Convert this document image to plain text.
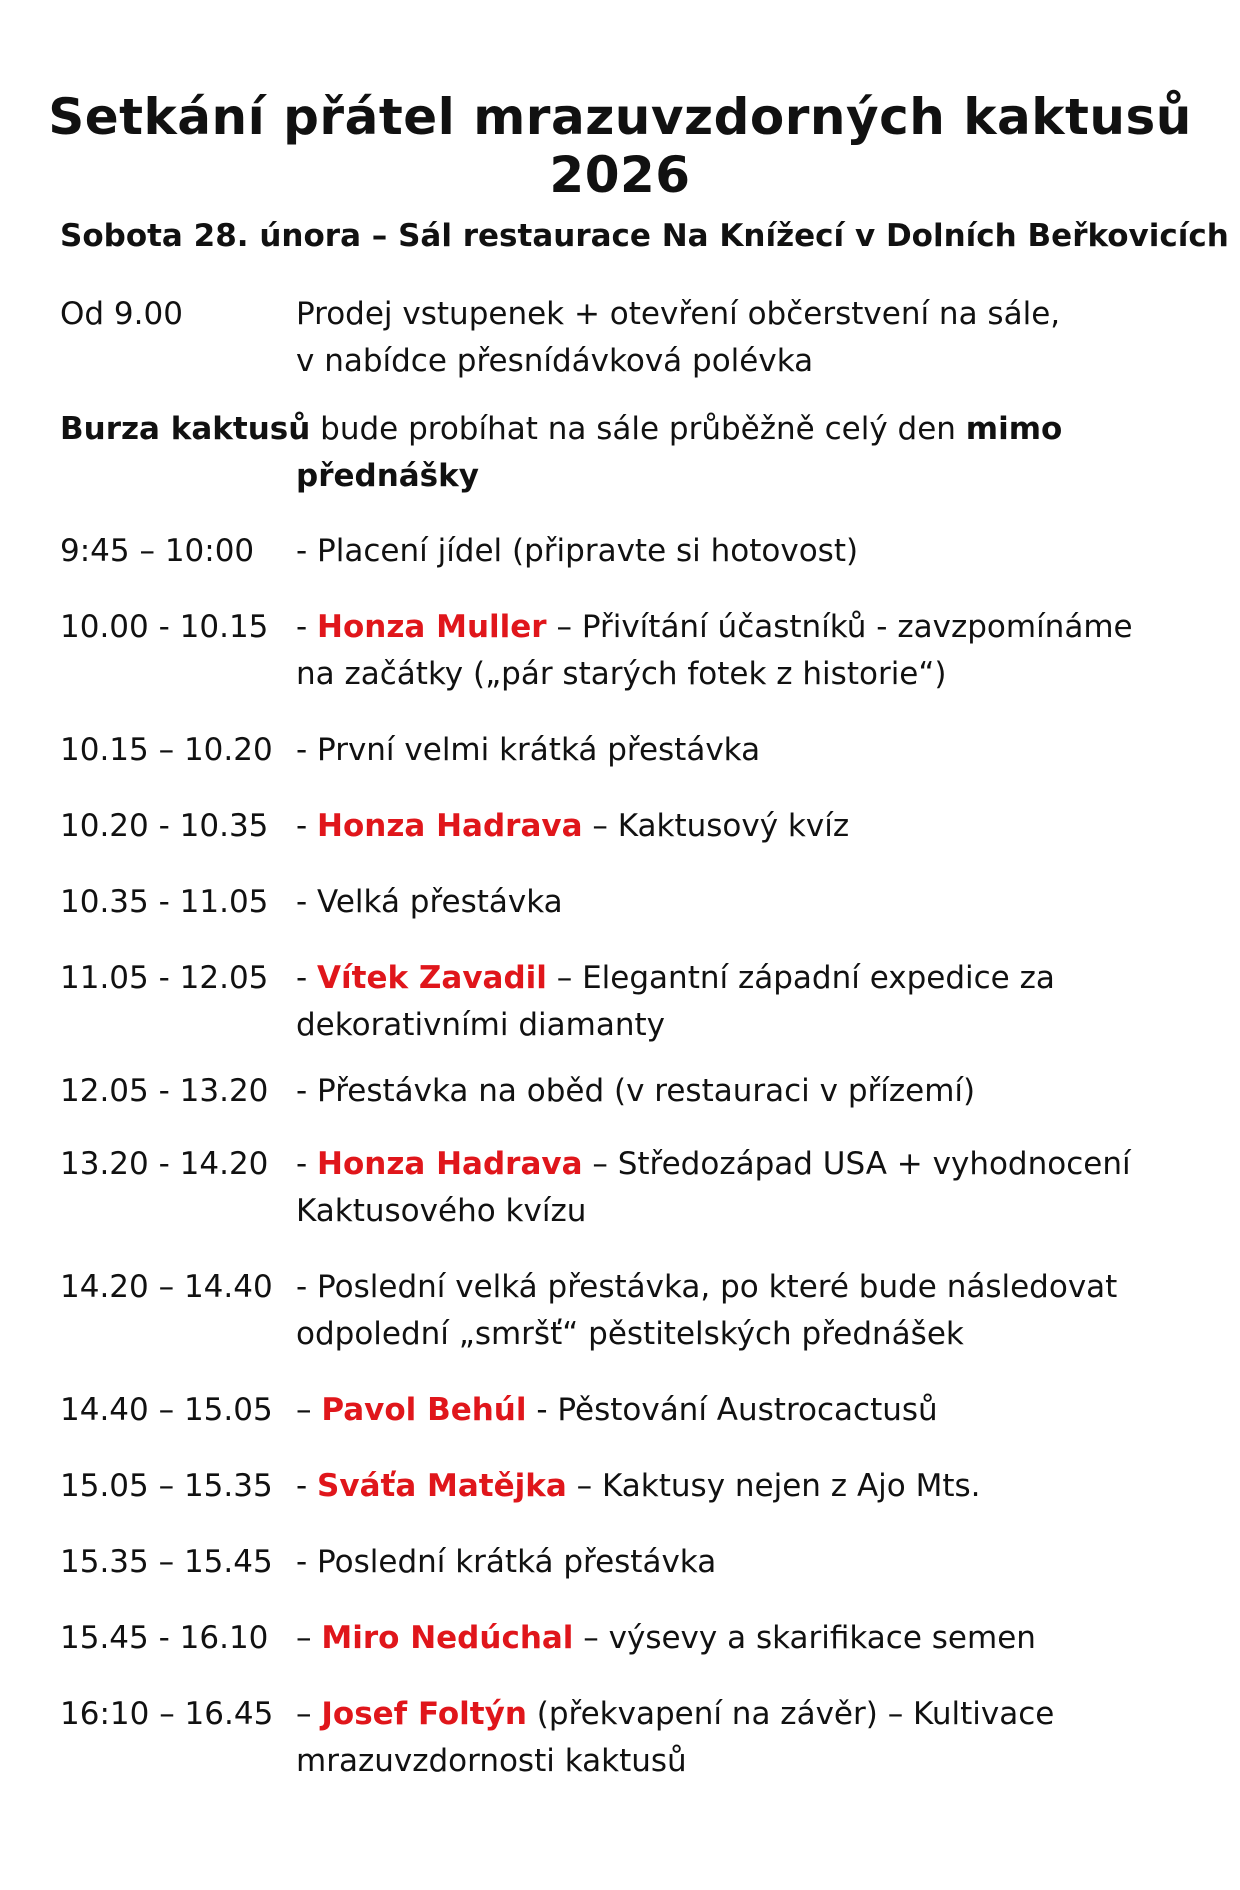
Setkání přátel mrazuvzdorných kaktusů 2026
Sobota 28. února – Sál restaurace Na Knížecí v Dolních Beřkovicích
Od 9.00	Prodej vstupenek + otevření občerstvení na sále,
v nabídce přesnídávková polévka
Burza kaktusů bude probíhat na sále průběžně celý den mimo
přednášky
9:45 – 10:00	- Placení jídel (připravte si hotovost)
10.00 - 10.15 - Honza Muller – Přivítání účastníků - zavzpomínáme
na začátky („pár starých fotek z historie“)
10.15 – 10.20 - První velmi krátká přestávka
10.20 - 10.35 - Honza Hadrava – Kaktusový kvíz
10.35 - 11.05 - Velká přestávka
11.05 - 12.05 - Vítek Zavadil – Elegantní západní expedice za
dekorativními diamanty
12.05 - 13.20 - Přestávka na oběd (v restauraci v přízemí)
13.20 - 14.20 - Honza Hadrava – Středozápad USA + vyhodnocení
Kaktusového kvízu
14.20 – 14.40 - Poslední velká přestávka, po které bude následovat
odpolední „smršť“ pěstitelských přednášek
14.40 – 15.05 – Pavol Behúl - Pěstování Austrocactusů
15.05 – 15.35 - Sváťa Matějka – Kaktusy nejen z Ajo Mts.
15.35 – 15.45 - Poslední krátká přestávka
15.45 - 16.10 – Miro Nedúchal – výsevy a skarifikace semen
16:10 – 16.45 – Josef Foltýn (překvapení na závěr) – Kultivace
mrazuvzdornosti kaktusů
